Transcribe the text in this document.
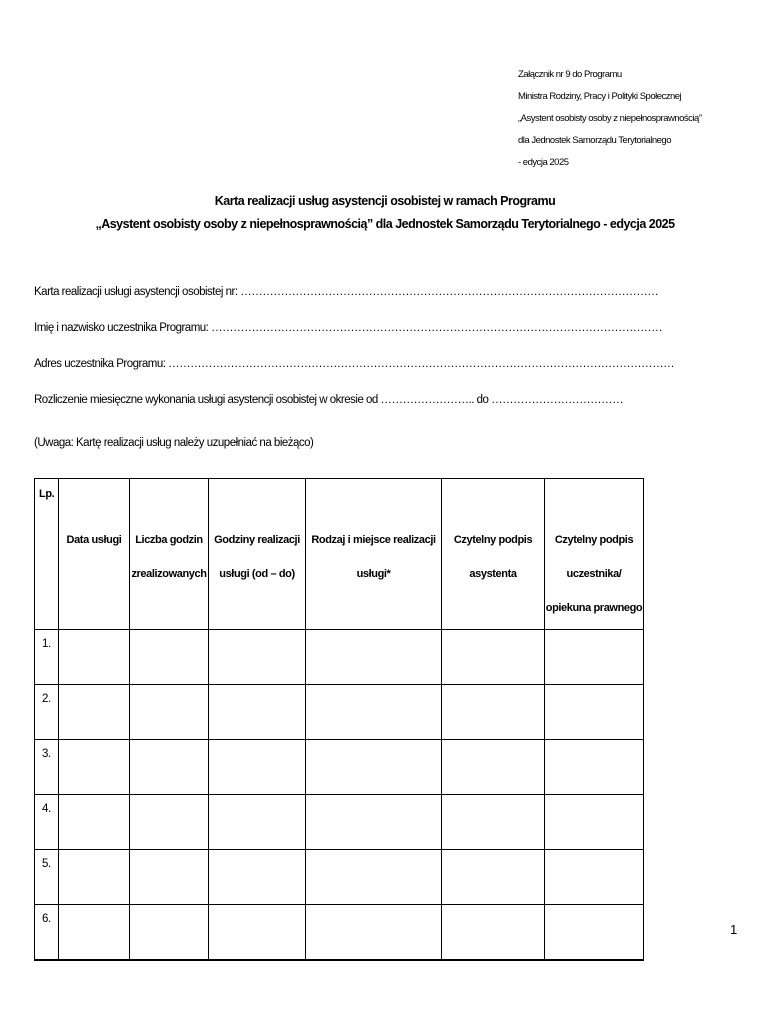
Załącznik nr 9 do Programu
Ministra Rodziny, Pracy i Polityki Społecznej
„Asystent osobisty osoby z niepełnosprawnością”
dla Jednostek Samorządu Terytorialnego
- edycja 2025
Karta realizacji usług asystencji osobistej w ramach Programu
„Asystent osobisty osoby z niepełnosprawnością” dla Jednostek Samorządu Terytorialnego - edycja 2025
Karta realizacji usługi asystencji osobistej nr: ……………………………………………………………………………………………………
Imię i nazwisko uczestnika Programu: ……………………………………………………………………………………………………………
Adres uczestnika Programu: …………………………………………………………………………………………………………………………
Rozliczenie miesięczne wykonania usługi asystencji osobistej w okresie od …………………….. do ………………………………
(Uwaga: Kartę realizacji usług należy uzupełniać na bieżąco)
Lp.	Data usługi	Liczba godzin zrealizowanych	Godziny realizacji usługi (od – do)	Rodzaj i miejsce realizacji usługi*	Czytelny podpis asystenta	Czytelny podpis uczestnika/ opiekuna prawnego

1.						
2.						
3.						
4.						
5.						
6.						
1
